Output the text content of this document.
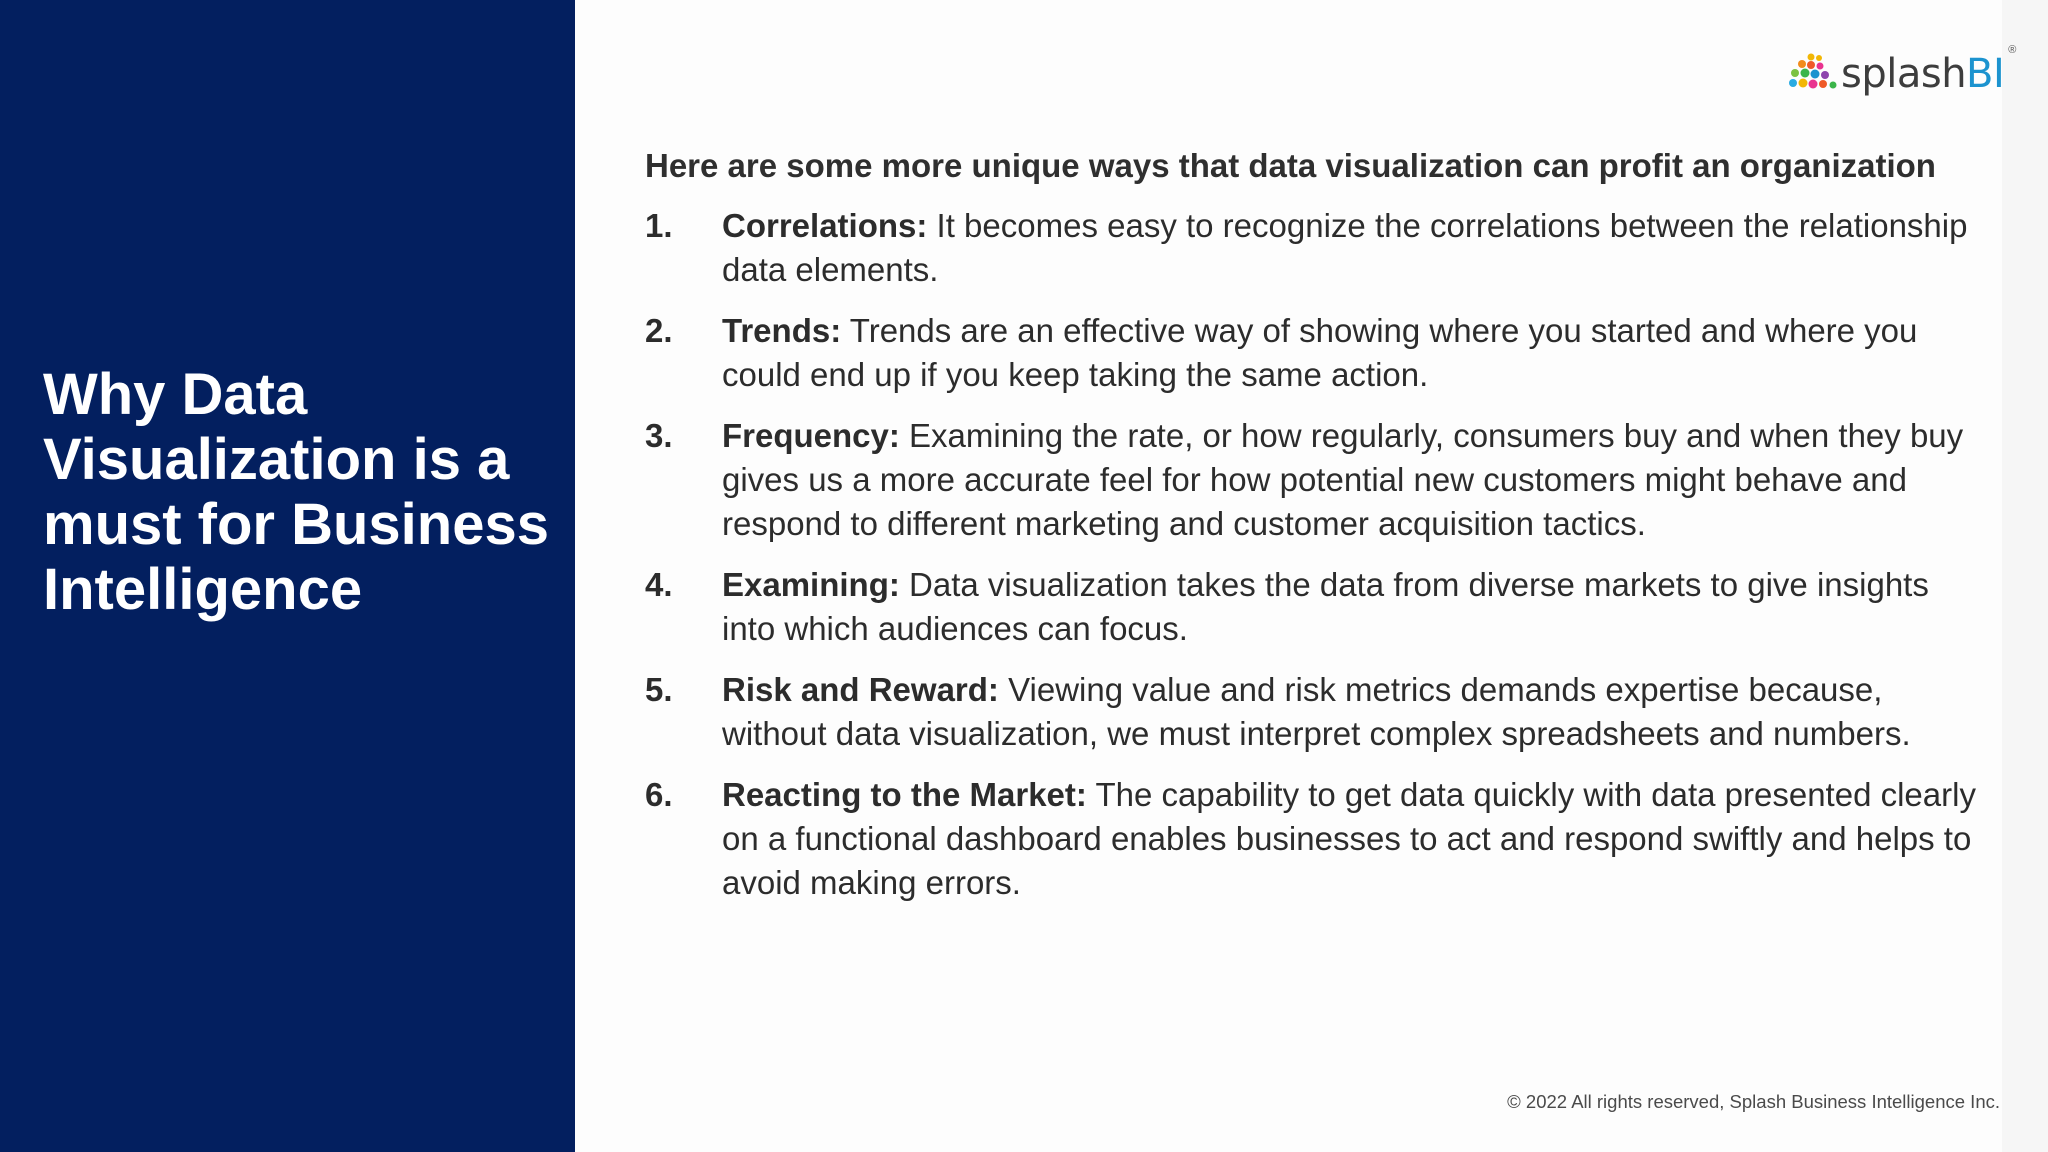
Why Data Visualization is a must for Business Intelligence
splashBI
®

Here are some more unique ways that data visualization can profit an organization

1.	Correlations: It becomes easy to recognize the correlations between the relationship data elements.
2.	Trends: Trends are an effective way of showing where you started and where you could end up if you keep taking the same action.
3.	Frequency: Examining the rate, or how regularly, consumers buy and when they buy gives us a more accurate feel for how potential new customers might behave and respond to different marketing and customer acquisition tactics.
4.	Examining: Data visualization takes the data from diverse markets to give insights into which audiences can focus.
5.	Risk and Reward: Viewing value and risk metrics demands expertise because, without data visualization, we must interpret complex spreadsheets and numbers.
6.	Reacting to the Market: The capability to get data quickly with data presented clearly on a functional dashboard enables businesses to act and respond swiftly and helps to avoid making errors.
© 2022 All rights reserved, Splash Business Intelligence Inc.
